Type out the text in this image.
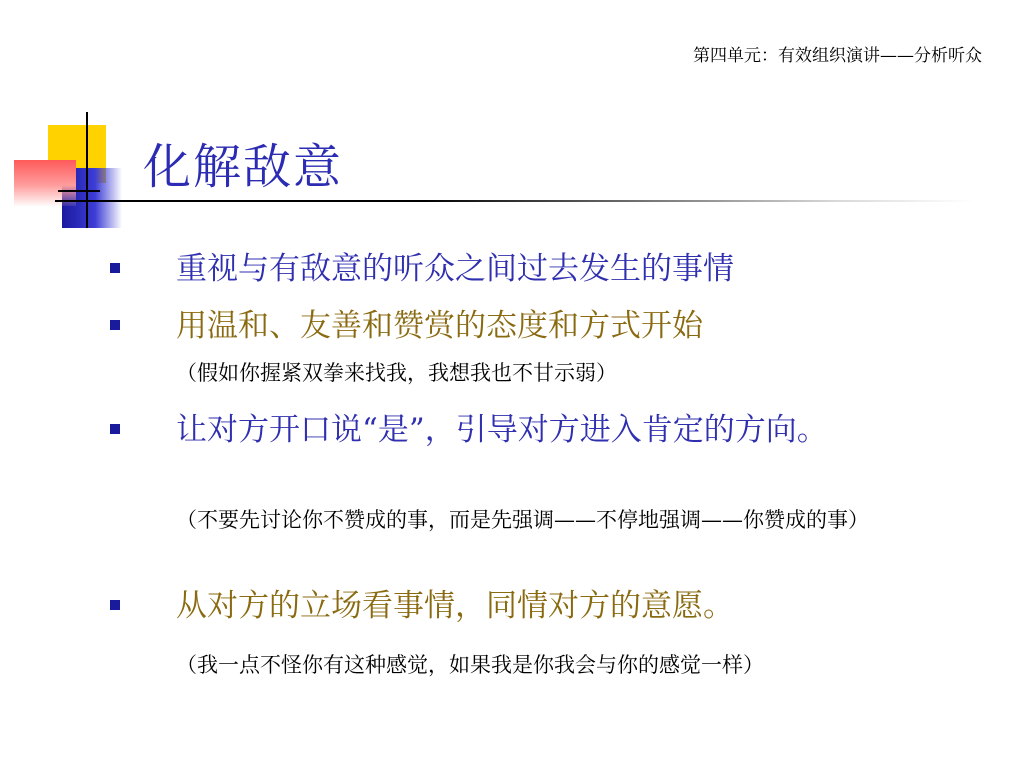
第四单元：有效组织演讲——分析听众
化解敌意
重视与有敌意的听众之间过去发生的事情
用温和、友善和赞赏的态度和方式开始
（假如你握紧双拳来找我，我想我也不甘示弱）
让对方开口说“是”，引导对方进入肯定的方向。
（不要先讨论你不赞成的事，而是先强调——不停地强调——你赞成的事）
从对方的立场看事情，同情对方的意愿。
（我一点不怪你有这种感觉，如果我是你我会与你的感觉一样）
